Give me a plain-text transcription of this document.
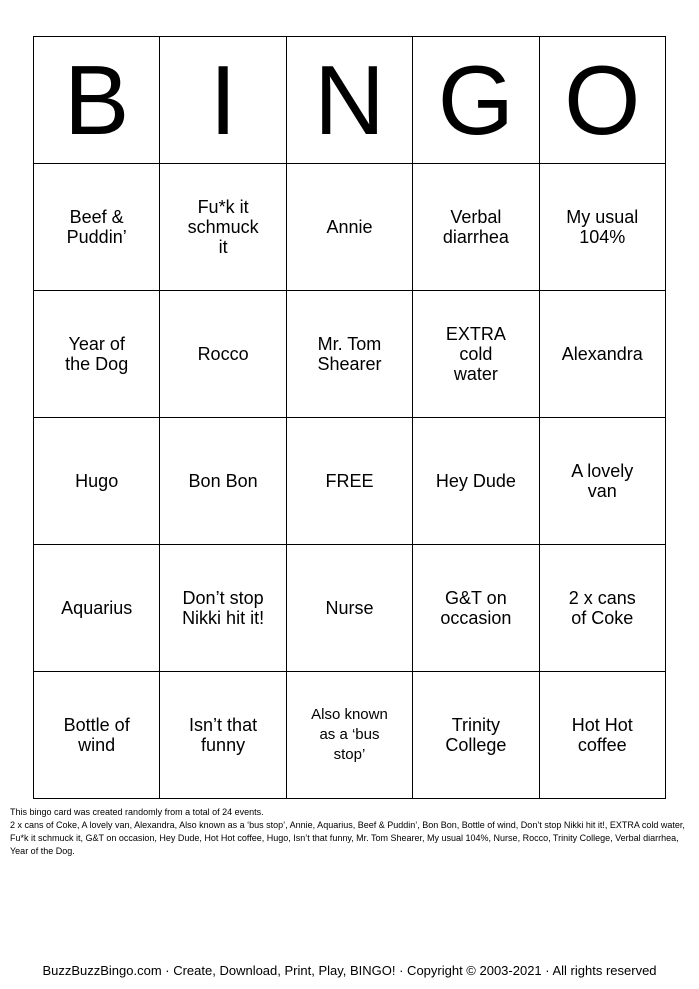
B	I	N	G	O

Beef & Puddin’	Fu*k it schmuck it	Annie	Verbal diarrhea	My usual 104%

Year of the Dog	Rocco	Mr. Tom Shearer	EXTRA cold water	Alexandra

Hugo	Bon Bon	FREE	Hey Dude	A lovely van

Aquarius	Don’t stop Nikki hit it!	Nurse	G&T on occasion	2 x cans of Coke

Bottle of wind	Isn’t that funny	Also known as a ‘bus stop’	Trinity College	Hot Hot coffee

This bingo card was created randomly from a total of 24 events.

2 x cans of Coke, A lovely van, Alexandra, Also known as a ‘bus stop’, Annie, Aquarius, Beef & Puddin’, Bon Bon, Bottle of wind, Don’t stop Nikki hit it!, EXTRA cold water, Fu*k it schmuck it, G&T on occasion, Hey Dude, Hot Hot coffee, Hugo, Isn’t that funny, Mr. Tom Shearer, My usual 104%, Nurse, Rocco, Trinity College, Verbal diarrhea, Year of the Dog.

BuzzBuzzBingo.com · Create, Download, Print, Play, BINGO! · Copyright © 2003-2021 · All rights reserved
